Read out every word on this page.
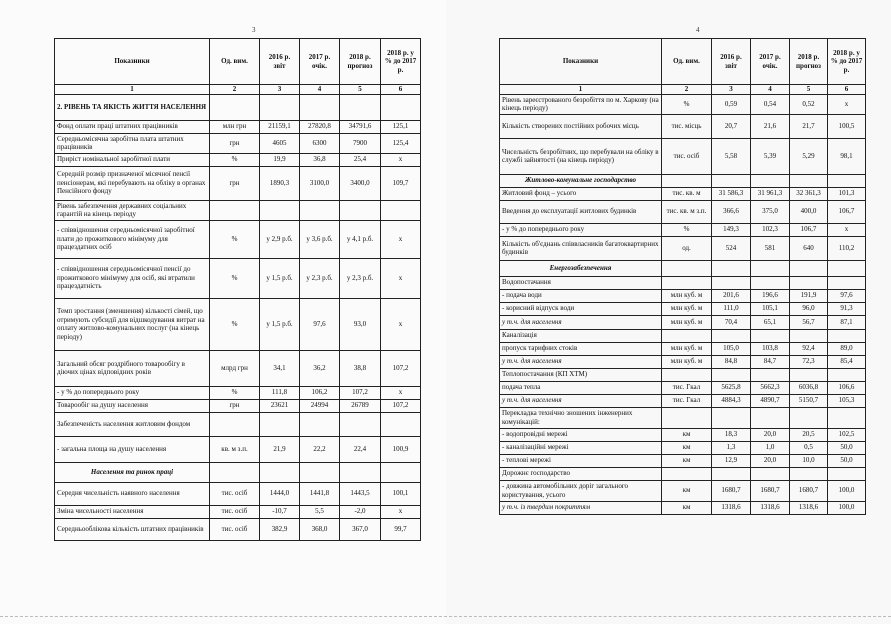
3
Показники	Од. вим.	2016 р. звіт	2017 р. очік.	2018 р. прогноз	2018 р. у % до 2017 р.
1	2	3	4	5	6
2. РІВЕНЬ ТА ЯКІСТЬ ЖИТТЯ НАСЕЛЕННЯ					
Фонд оплати праці штатних працівників	млн грн	21159,1	27820,8	34791,6	125,1
Середньомісячна заробітна плата штатних працівників	грн	4605	6300	7900	125,4
Приріст номінальної заробітної плати	%	19,9	36,8	25,4	х
Середній розмір призначеної місячної пенсії пенсіонерам, які перебувають на обліку в органах Пенсійного фонду	грн	1890,3	3100,0	3400,0	109,7
Рівень забезпечення державних соціальних гарантій на кінець періоду					
- співвідношення середньомісячної заробітної плати до прожиткового мінімуму для працездатних осіб	%	у 2,9 р.б.	у 3,6 р.б.	у 4,1 р.б.	х
- співвідношення середньомісячної пенсії до прожиткового мінімуму для осіб, які втратили працездатність	%	у 1,5 р.б.	у 2,3 р.б.	у 2,3 р.б.	х
Темп зростання (зменшення) кількості сімей, що отримують субсидії для відшкодування витрат на оплату житлово-комунальних послуг (на кінець періоду)	%	у 1,5 р.б.	97,6	93,0	х
Загальний обсяг роздрібного товарообігу в діючих цінах відповідних років	млрд грн	34,1	36,2	38,8	107,2
- у % до попереднього року	%	111,8	106,2	107,2	х
Товарообіг на душу населення	грн	23621	24994	26789	107,2
Забезпеченість населення житловим фондом					
- загальна площа на душу населення	кв. м з.п.	21,9	22,2	22,4	100,9
Населення та ринок праці					
Середня чисельність наявного населення	тис. осіб	1444,0	1441,8	1443,5	100,1
Зміна чисельності населення	тис. осіб	-10,7	5,5	-2,0	х
Середньооблікова кількість штатних працівників	тис. осіб	382,9	368,0	367,0	99,7
4
Показники	Од. вим.	2016 р. звіт	2017 р. очік.	2018 р. прогноз	2018 р. у % до 2017 р.
1	2	3	4	5	6
Рівень зареєстрованого безробіття по м. Харкову (на кінець періоду)	%	0,59	0,54	0,52	х
Кількість створених постійних робочих місць	тис. місць	20,7	21,6	21,7	100,5
Чисельність безробітних, що перебували на обліку в службі зайнятості (на кінець періоду)	тис. осіб	5,58	5,39	5,29	98,1
Житлово-комунальне господарство					
Житловий фонд – усього	тис. кв. м	31 586,3	31 961,3	32 361,3	101,3
Введення до експлуатації житлових будинків	тис. кв. м з.п.	366,6	375,0	400,0	106,7
- у % до попереднього року	%	149,3	102,3	106,7	х
Кількість об'єднань співвласників багатоквартирних будинків	од.	524	581	640	110,2
Енергозабезпечення					
Водопостачання					
- подача води	млн куб. м	201,6	196,6	191,9	97,6
- корисний відпуск води	млн куб. м	111,0	105,1	96,0	91,3
у т.ч. для населення	млн куб. м	70,4	65,1	56,7	87,1
Каналізація					
пропуск тарифних стоків	млн куб. м	105,0	103,8	92,4	89,0
у т.ч. для населення	млн куб. м	84,8	84,7	72,3	85,4
Теплопостачання (КП ХТМ)					
подача тепла	тис. Гкал	5625,8	5662,3	6036,8	106,6
у т.ч. для населення	тис. Гкал	4884,3	4890,7	5150,7	105,3
Перекладка технічно зношених інженерних комунікацій:					
- водопровідні мережі	км	18,3	20,0	20,5	102,5
- каналізаційні мережі	км	1,3	1,0	0,5	50,0
- теплові мережі	км	12,9	20,0	10,0	50,0
Дорожнє господарство					
- довжина автомобільних доріг загального користування, усього	км	1680,7	1680,7	1680,7	100,0
у т.ч. із твердим покриттям	км	1318,6	1318,6	1318,6	100,0
